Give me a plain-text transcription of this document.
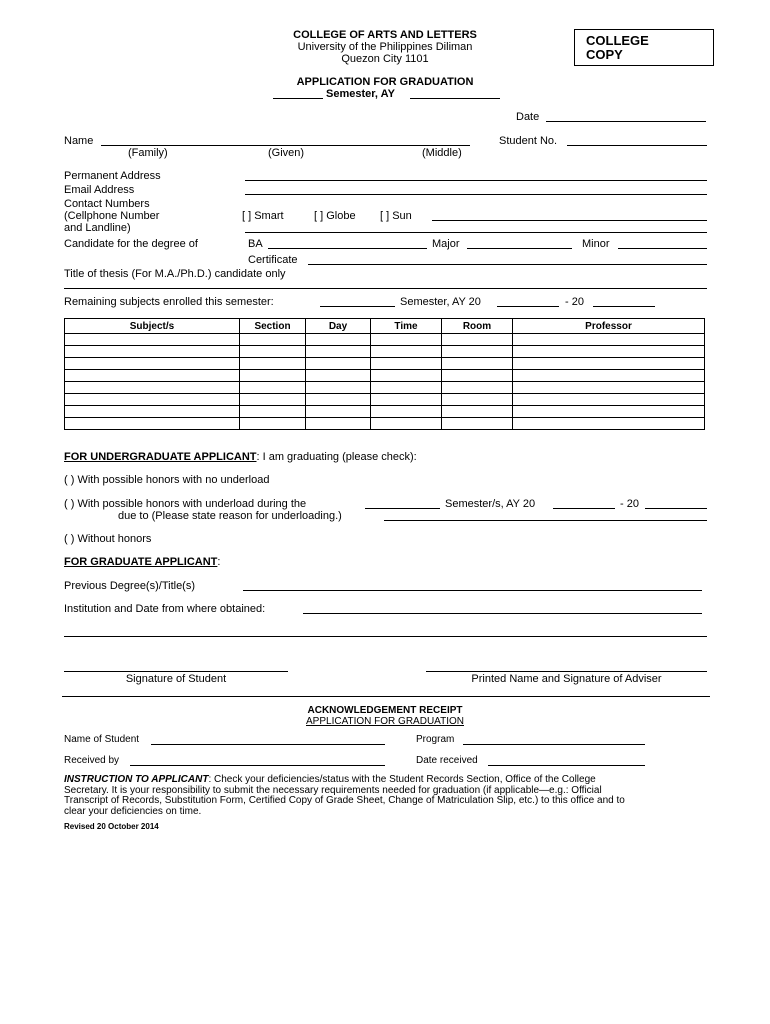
COLLEGE OF ARTS AND LETTERS
University of the Philippines Diliman
Quezon City 1101
COLLEGE
COPY
APPLICATION FOR GRADUATION
Semester, AY
Date
Name
(Family)	(Given)	(Middle)
Student No.
Permanent Address
Email Address
Contact Numbers
(Cellphone Number
and Landline)
[ ] Smart	[ ] Globe [ ] Sun
Candidate for the degree of	BA	Major	Minor
Certificate
Title of thesis (For M.A./Ph.D.) candidate only
Remaining subjects enrolled this semester:	Semester, AY 20	- 20
Subject/s	Section	Day	Time	Room	Professor

FOR UNDERGRADUATE APPLICANT: I am graduating (please check):
( ) With possible honors with no underload
( ) With possible honors with underload during the	Semester/s, AY 20	- 20
due to (Please state reason for underloading.)
( ) Without honors
FOR GRADUATE APPLICANT:
Previous Degree(s)/Title(s)
Institution and Date from where obtained:
Signature of Student	Printed Name and Signature of Adviser
ACKNOWLEDGEMENT RECEIPT
APPLICATION FOR GRADUATION
Name of Student	Program
Received by	Date received
INSTRUCTION TO APPLICANT: Check your deficiencies/status with the Student Records Section, Office of the College
Secretary. It is your responsibility to submit the necessary requirements needed for graduation (if applicable—e.g.: Official
Transcript of Records, Substitution Form, Certified Copy of Grade Sheet, Change of Matriculation Slip, etc.) to this office and to
clear your deficiencies on time.
Revised 20 October 2014
